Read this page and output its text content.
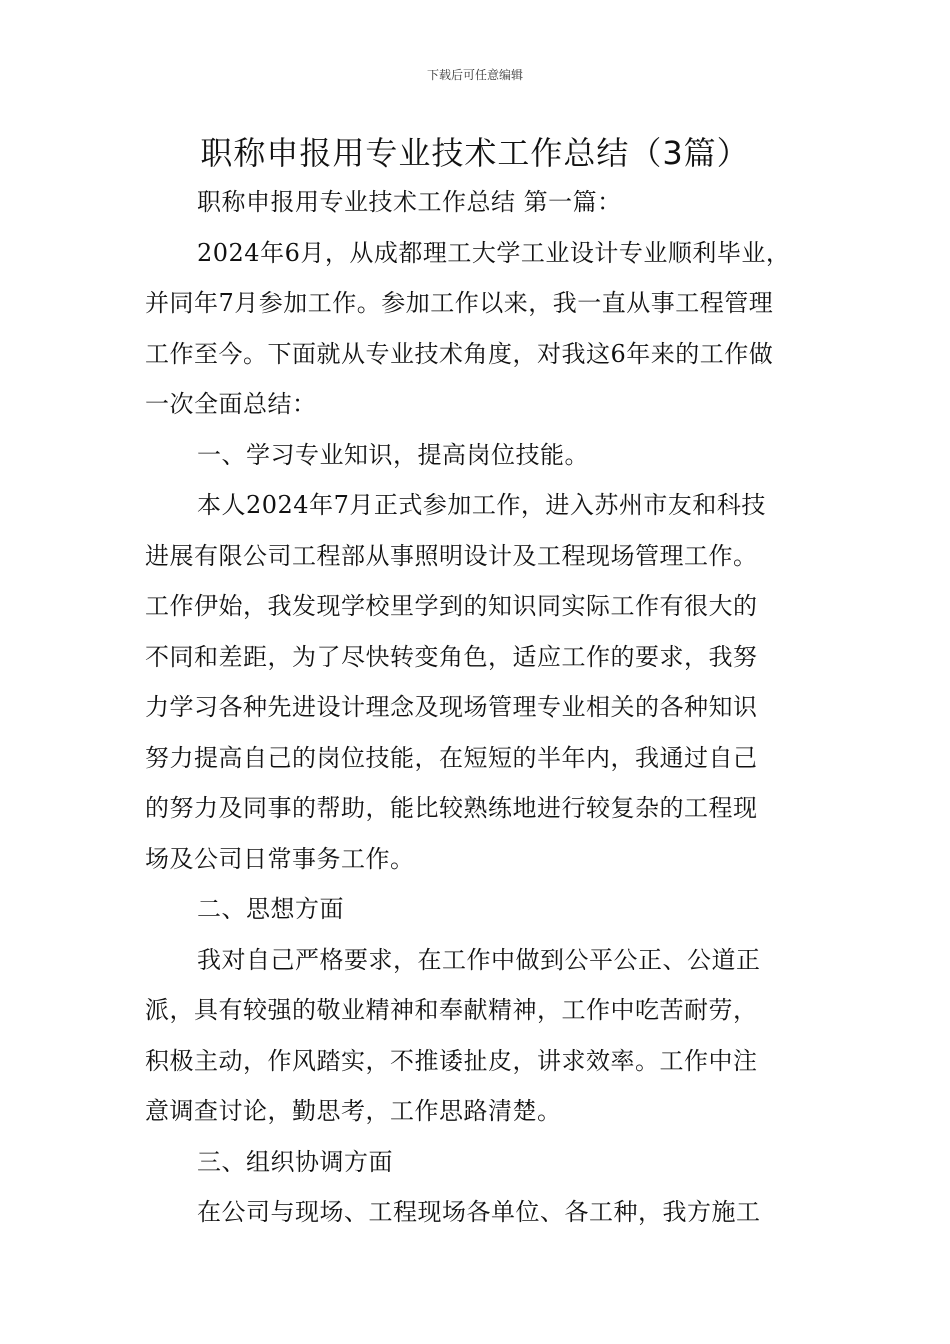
下载后可任意编辑
职称申报用专业技术工作总结（3篇）
职称申报用专业技术工作总结 第一篇：
2024年6月，从成都理工大学工业设计专业顺利毕业，
并同年7月参加工作。参加工作以来，我一直从事工程管理
工作至今。下面就从专业技术角度，对我这6年来的工作做
一次全面总结：
一、学习专业知识，提高岗位技能。
本人2024年7月正式参加工作，进入苏州市友和科技
进展有限公司工程部从事照明设计及工程现场管理工作。
工作伊始，我发现学校里学到的知识同实际工作有很大的
不同和差距，为了尽快转变角色，适应工作的要求，我努
力学习各种先进设计理念及现场管理专业相关的各种知识
努力提高自己的岗位技能，在短短的半年内，我通过自己
的努力及同事的帮助，能比较熟练地进行较复杂的工程现
场及公司日常事务工作。
二、思想方面
我对自己严格要求，在工作中做到公平公正、公道正
派，具有较强的敬业精神和奉献精神，工作中吃苦耐劳，
积极主动，作风踏实，不推诿扯皮，讲求效率。工作中注
意调查讨论，勤思考，工作思路清楚。
三、组织协调方面
在公司与现场、工程现场各单位、各工种，我方施工
